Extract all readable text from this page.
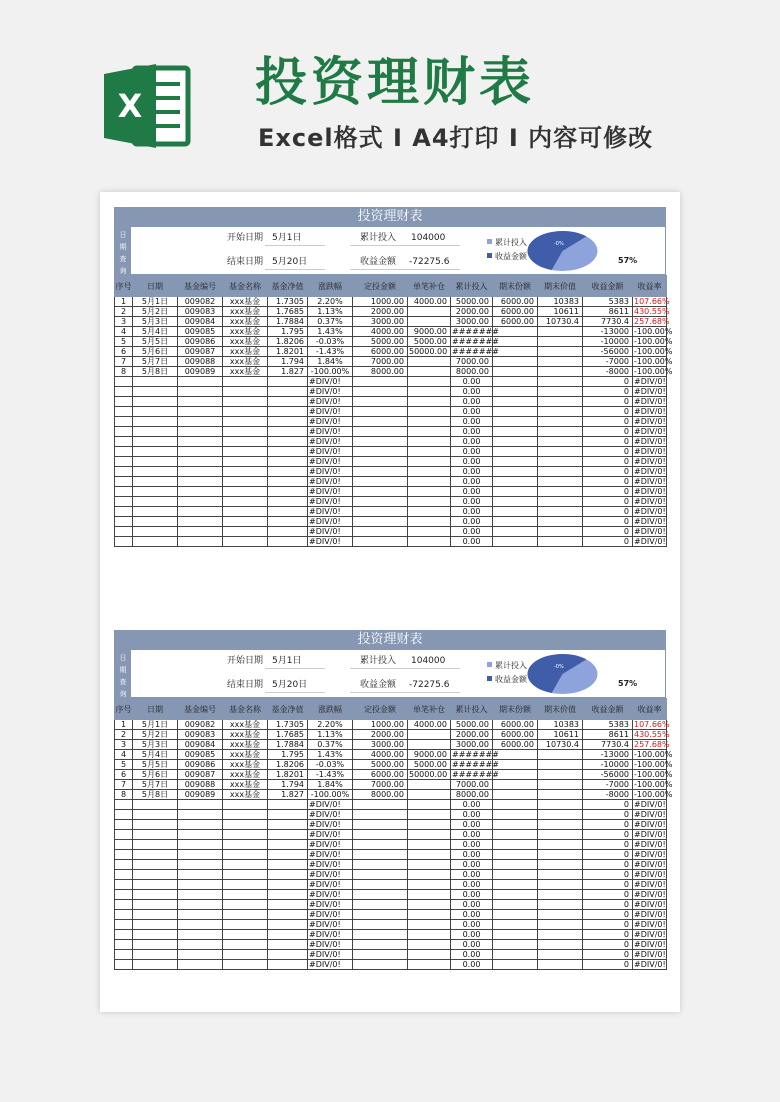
X 投资理财表
Excel格式 I A4打印 I 内容可修改
投资理财表
日
期
查
询
开始日期 5月1日
结束日期 5月20日
累计投入 104000
收益金额 -72275.6
累计投入
收益金额
-0%
57%
序号	日期	基金编号	基金名称	基金净值	涨跌幅	定投金额	单笔补仓	累计投入	期末份额	期末价值	收益金额	收益率
1	5月1日	009082	xxx基金	1.7305	2.20%	1000.00	4000.00	5000.00	6000.00	10383	5383	107.66%
2	5月2日	009083	xxx基金	1.7685	1.13%	2000.00		2000.00	6000.00	10611	8611	430.55%
3	5月3日	009084	xxx基金	1.7884	0.37%	3000.00		3000.00	6000.00	10730.4	7730.4	257.68%
4	5月4日	009085	xxx基金	1.795	1.43%	4000.00	9000.00	#######			-13000	-100.00%
5	5月5日	009086	xxx基金	1.8206	-0.03%	5000.00	5000.00	#######			-10000	-100.00%
6	5月6日	009087	xxx基金	1.8201	-1.43%	6000.00	50000.00	#######			-56000	-100.00%
7	5月7日	009088	xxx基金	1.794	1.84%	7000.00		7000.00			-7000	-100.00%
8	5月8日	009089	xxx基金	1.827	-100.00%	8000.00		8000.00			-8000	-100.00%
					#DIV/0!			0.00			0	#DIV/0!
					#DIV/0!			0.00			0	#DIV/0!
					#DIV/0!			0.00			0	#DIV/0!
					#DIV/0!			0.00			0	#DIV/0!
					#DIV/0!			0.00			0	#DIV/0!
					#DIV/0!			0.00			0	#DIV/0!
					#DIV/0!			0.00			0	#DIV/0!
					#DIV/0!			0.00			0	#DIV/0!
					#DIV/0!			0.00			0	#DIV/0!
					#DIV/0!			0.00			0	#DIV/0!
					#DIV/0!			0.00			0	#DIV/0!
					#DIV/0!			0.00			0	#DIV/0!
					#DIV/0!			0.00			0	#DIV/0!
					#DIV/0!			0.00			0	#DIV/0!
					#DIV/0!			0.00			0	#DIV/0!
					#DIV/0!			0.00			0	#DIV/0!
					#DIV/0!			0.00			0	#DIV/0!
投资理财表
日
期
查
询
开始日期 5月1日
结束日期 5月20日
累计投入 104000
收益金额 -72275.6
累计投入
收益金额
-0%
57%
序号	日期	基金编号	基金名称	基金净值	涨跌幅	定投金额	单笔补仓	累计投入	期末份额	期末价值	收益金额	收益率
1	5月1日	009082	xxx基金	1.7305	2.20%	1000.00	4000.00	5000.00	6000.00	10383	5383	107.66%
2	5月2日	009083	xxx基金	1.7685	1.13%	2000.00		2000.00	6000.00	10611	8611	430.55%
3	5月3日	009084	xxx基金	1.7884	0.37%	3000.00		3000.00	6000.00	10730.4	7730.4	257.68%
4	5月4日	009085	xxx基金	1.795	1.43%	4000.00	9000.00	#######			-13000	-100.00%
5	5月5日	009086	xxx基金	1.8206	-0.03%	5000.00	5000.00	#######			-10000	-100.00%
6	5月6日	009087	xxx基金	1.8201	-1.43%	6000.00	50000.00	#######			-56000	-100.00%
7	5月7日	009088	xxx基金	1.794	1.84%	7000.00		7000.00			-7000	-100.00%
8	5月8日	009089	xxx基金	1.827	-100.00%	8000.00		8000.00			-8000	-100.00%
					#DIV/0!			0.00			0	#DIV/0!
					#DIV/0!			0.00			0	#DIV/0!
					#DIV/0!			0.00			0	#DIV/0!
					#DIV/0!			0.00			0	#DIV/0!
					#DIV/0!			0.00			0	#DIV/0!
					#DIV/0!			0.00			0	#DIV/0!
					#DIV/0!			0.00			0	#DIV/0!
					#DIV/0!			0.00			0	#DIV/0!
					#DIV/0!			0.00			0	#DIV/0!
					#DIV/0!			0.00			0	#DIV/0!
					#DIV/0!			0.00			0	#DIV/0!
					#DIV/0!			0.00			0	#DIV/0!
					#DIV/0!			0.00			0	#DIV/0!
					#DIV/0!			0.00			0	#DIV/0!
					#DIV/0!			0.00			0	#DIV/0!
					#DIV/0!			0.00			0	#DIV/0!
					#DIV/0!			0.00			0	#DIV/0!
